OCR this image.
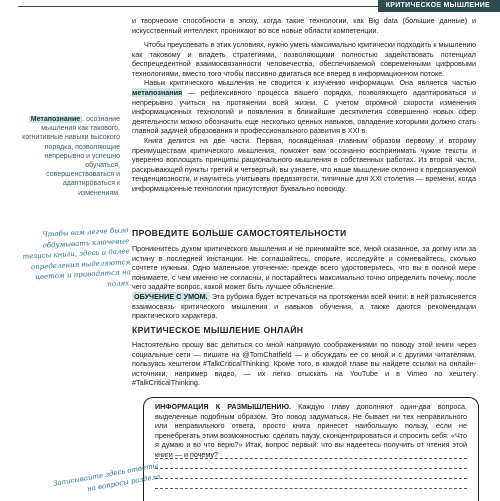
КРИТИЧЕСКОЕ МЫШЛЕНИЕ

и творческие способности в эпоху, когда такие технологии, как Big data (большие данные) и искусственный интеллект, проникают во все новые области компетенции.

Чтобы преуспевать в этих условиях, нужно уметь максимально критически подходить к мышлению как таковому и владеть стратегиями, позволяющими полностью задействовать потенциал беспрецедентной взаимосвязанности человечества, обеспечиваемой современными цифровыми технологиями, вместо того чтобы пассивно двигаться все вперед в информационном потоке.

Навык критического мышления не сводится к изучению информации. Она является частью метапознания — рефлексивного процесса вашего порядка, позволяющего адаптироваться и непрерывно учиться на протяжении всей жизни. С учетом огромной скорости изменения информационных технологий и появления в ближайшие десятилетия совершенно новых сфер деятельности можно обозначить еще несколько ценных навыков, овладение которыми должно стать главной задачей образования и профессионального развития в XXI в.

Книга делится на две части. Первая, посвященная главным образом первому и второму преимуществам критического мышления, поможет вам осознанно воспринимать чужие тексты и уверенно воплощать принципы рационального мышления в собственных работах. Из второй части, раскрывающей пункты третий и четвертый, вы узнаете, что наше мышление склонно к предсказуемой тенденциозности, и научитесь учитывать предвзятости, типичные для XXI столетия — времени, когда информационные технологии присутствуют буквально повсюду.

Метапознание . осознание мышления как такового, когнитивные навыки высокого порядка, позволяющие непрерывно и успешно обучаться, совершенствоваться и адаптироваться к изменениям.
Чтобы вам легче было обдумывать ключевые тезисы книги, здесь и далее определения выделяются цветом и приводятся на полях.
ПРОВЕДИТЕ БОЛЬШЕ САМОСТОЯТЕЛЬНОСТИ

Проникнитесь духом критического мышления и не принимайте все, мной сказанное, за догму или за истину в последней инстанции. Не соглашайтесь, спорьте, исследуйте и сомневайтесь, сколько сочтете нужным. Одно маленькое уточнение: прежде всего удостоверьтесь, что вы в полной мере понимаете, с чем именно не согласны, и постарайтесь максимально точно определить почему, после чего задайте вопрос, какой может быть лучшее объяснение.

ОБУЧЕНИЕ С УМОМ. Эта рубрика будет встречаться на протяжении всей книги: в ней разъясняется взаимосвязь критического мышления и навыков обучения, а также даются рекомендации практического характера.

КРИТИЧЕСКОЕ МЫШЛЕНИЕ ОНЛАЙН

Настоятельно прошу вас делиться со мной напрямую соображениями по поводу этой книги через социальные сети — пишите на @TomChatfield — и обсуждать ее со мной и с другими читателями, пользуясь хештегом #TalkCriticalThinking. Кроме того, в каждой главе вы найдете ссылки на онлайн-источники, например видео, — их легко отыскать на YouTube и в Vimeo по хештегу #TalkCriticalThinking.

ИНФОРМАЦИЯ К РАЗМЫШЛЕНИЮ. Каждую главу дополняют один-два вопроса, выделенные подобным образом. Это повод задуматься. Не бывает ни тех неправильного или неправильного ответа, просто книга принесет наибольшую пользу, если не пренебрегать этим возможностью: сделать паузу, сконцентрироваться и спросить себя: «Что я думаю и во что верю?» Итак, вопрос первый: что вы надеетесь получить от чтения этой книги — и почему?

Записывайте здесь ответы на вопросы раздела
